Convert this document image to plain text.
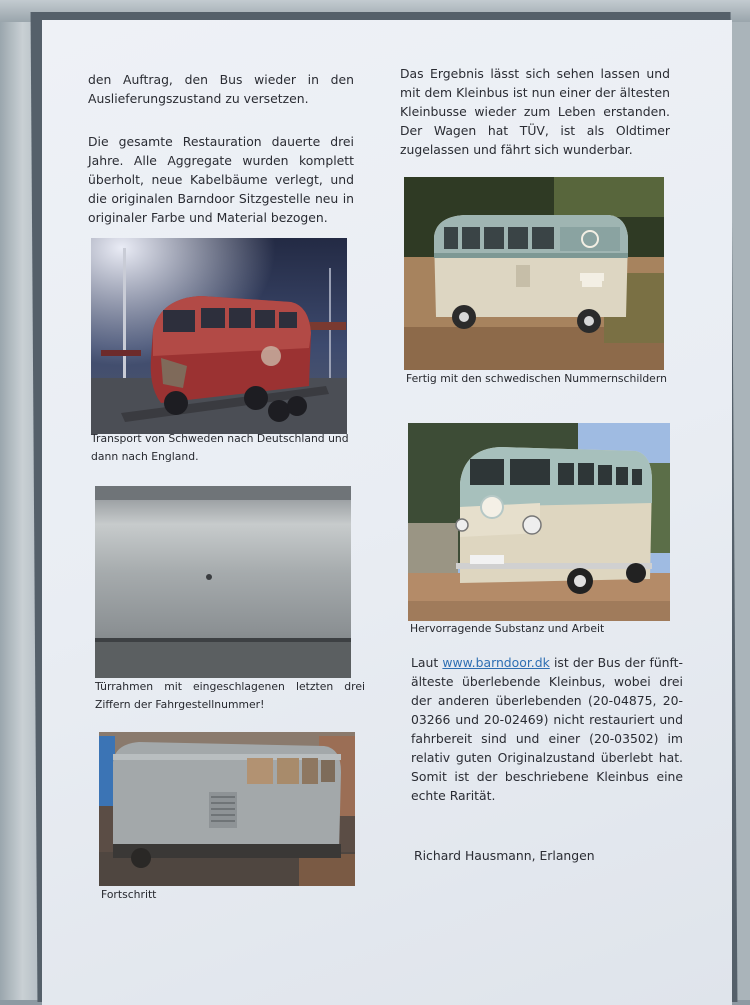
den Auftrag, den Bus wieder in den Auslieferungszustand zu versetzen.
Die gesamte Restauration dauerte drei Jahre. Alle Aggregate wurden komplett überholt, neue Kabelbäume verlegt, und die originalen Barndoor Sitzgestelle neu in originaler Farbe und Material bezogen.
Transport von Schweden nach Deutschland und dann nach England.
Türrahmen mit eingeschlagenen letzten drei Ziffern der Fahrgestellnummer!
Fortschritt
Das Ergebnis lässt sich sehen lassen und mit dem Kleinbus ist nun einer der ältesten Kleinbusse wieder zum Leben erstanden. Der Wagen hat TÜV, ist als Oldtimer zugelassen und fährt sich wunderbar.
Fertig mit den schwedischen Nummernschildern
Hervorragende Substanz und Arbeit
Laut www.barndoor.dk ist der Bus der fünft-älteste überlebende Kleinbus, wobei drei der anderen überlebenden (20-04875, 20-03266 und 20-02469) nicht restauriert und fahrbereit sind und einer (20-03502) im relativ guten Originalzustand überlebt hat. Somit ist der beschriebene Kleinbus eine echte Rarität.
Richard Hausmann, Erlangen
